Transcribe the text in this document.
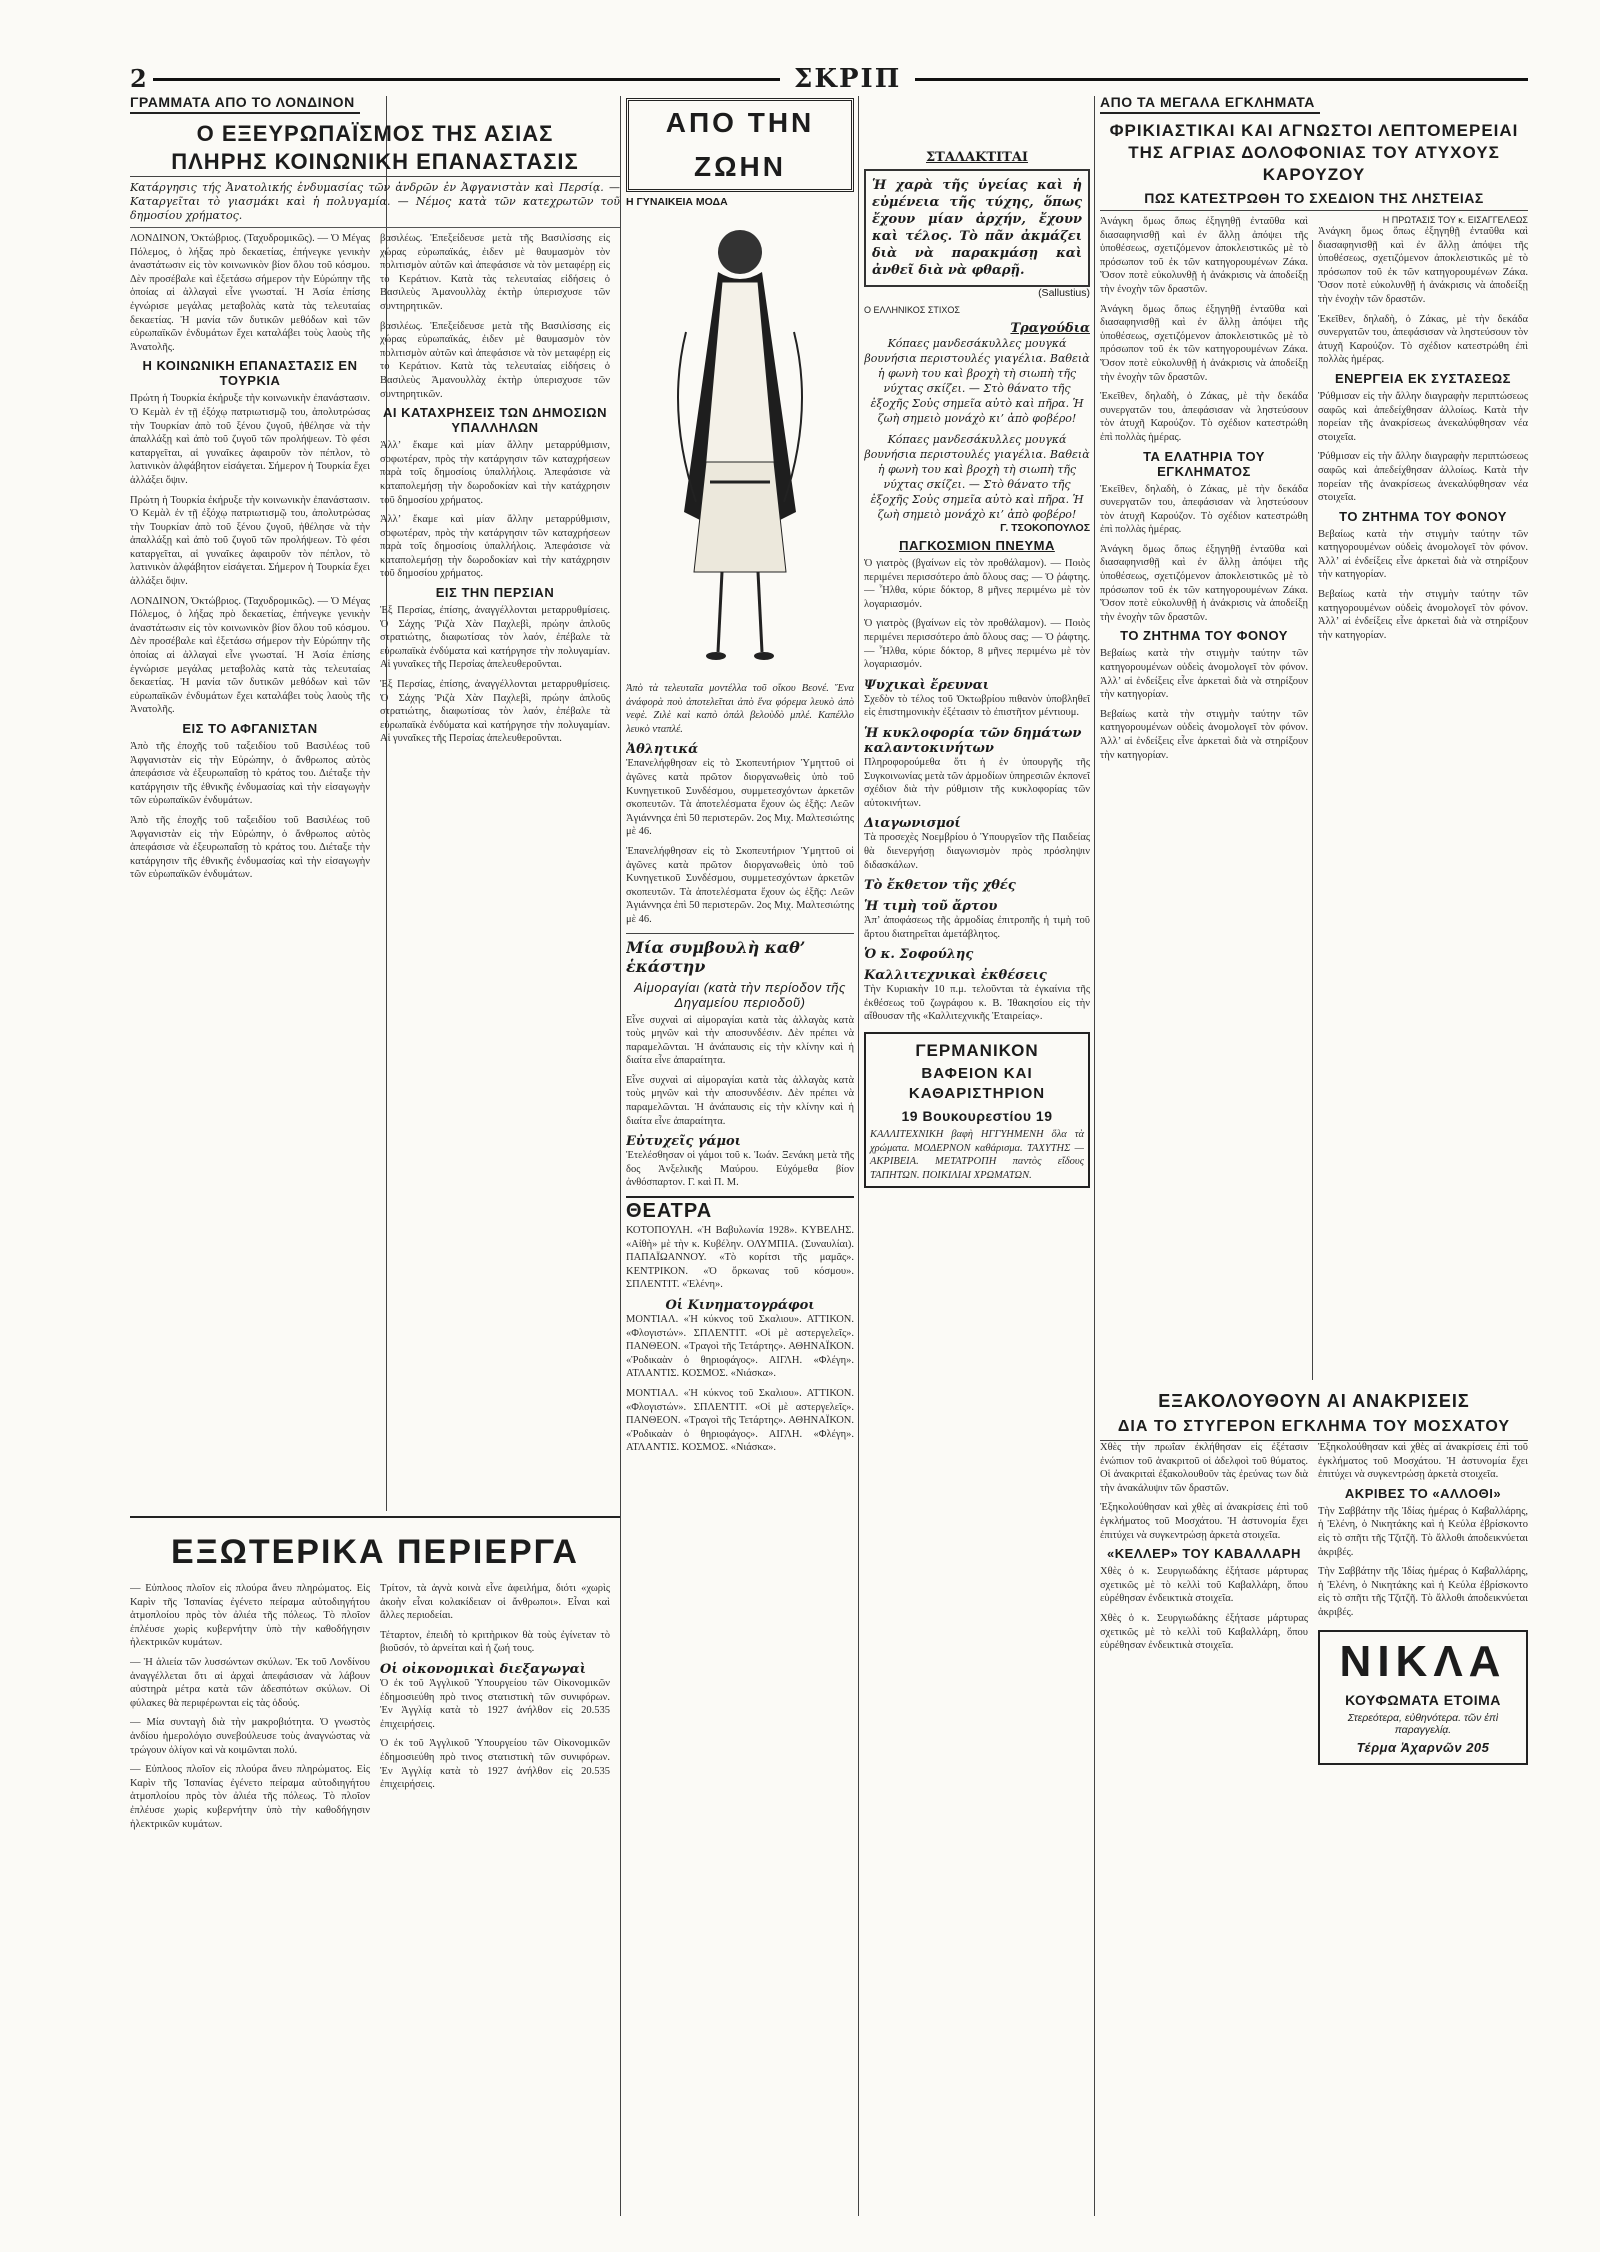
2	ΣΚΡΙΠ
ΓΡΑΜΜΑΤΑ ΑΠΟ ΤΟ ΛΟΝΔΙΝΟΝ
Ο ΕΞΕΥΡΩΠΑΪΣΜΟΣ ΤΗΣ ΑΣΙΑΣ
ΠΛΗΡΗΣ ΚΟΙΝΩΝΙΚΗ ΕΠΑΝΑΣΤΑΣΙΣ
Κατάργησις τής Ἀνατολικής ἐνδυμασίας τῶν ἀνδρῶν ἐν Ἀφγανιστὰν καὶ Περσίᾳ. — Καταργεῖται τὸ γιασμάκι καὶ ἡ πολυγαμία. — Νέμος κατὰ τῶν κατεχρωτῶν τοῦ δημοσίου χρήματος.
ΛΟΝΔΙΝΟΝ, Ὀκτώβριος. (Ταχυδρομικῶς). — Ὁ Μέγας Πόλεμος, ὁ λήξας πρὸ δεκαετίας, ἐπήνεγκε γενικὴν ἀναστάτωσιν εἰς τὸν κοινωνικὸν βίον ὅλου τοῦ κόσμου. Δὲν προσέβαλε καὶ ἐξετάσω σήμερον τὴν Εὐρώπην τῆς ὁποίας αἱ ἀλλαγαὶ εἶνε γνωσταί. Ἡ Ἀσία ἐπίσης ἐγνώρισε μεγάλας μεταβολὰς κατὰ τὰς τελευταίας δεκαετίας. Ἡ μανία τῶν δυτικῶν μεθόδων καὶ τῶν εὐρωπαϊκῶν ἐνδυμάτων ἔχει καταλάβει τοὺς λαοὺς τῆς Ἀνατολῆς.
Η ΚΟΙΝΩΝΙΚΗ ΕΠΑΝΑΣΤΑΣΙΣ ΕΝ ΤΟΥΡΚΙΑ
Πρώτη ἡ Τουρκία ἐκήρυξε τὴν κοινωνικὴν ἐπανάστασιν. Ὁ Κεμὰλ ἐν τῇ ἐξόχῳ πατριωτισμῷ του, ἀπολυτρώσας τὴν Τουρκίαν ἀπὸ τοῦ ξένου ζυγοῦ, ἠθέλησε νὰ τὴν ἀπαλλάξῃ καὶ ἀπὸ τοῦ ζυγοῦ τῶν προλήψεων. Τὸ φέσι καταργεῖται, αἱ γυναῖκες ἀφαιροῦν τὸν πέπλον, τὸ λατινικὸν ἀλφάβητον εἰσάγεται. Σήμερον ἡ Τουρκία ἔχει ἀλλάξει ὅψιν.
Πρώτη ἡ Τουρκία ἐκήρυξε τὴν κοινωνικὴν ἐπανάστασιν. Ὁ Κεμὰλ ἐν τῇ ἐξόχῳ πατριωτισμῷ του, ἀπολυτρώσας τὴν Τουρκίαν ἀπὸ τοῦ ξένου ζυγοῦ, ἠθέλησε νὰ τὴν ἀπαλλάξῃ καὶ ἀπὸ τοῦ ζυγοῦ τῶν προλήψεων. Τὸ φέσι καταργεῖται, αἱ γυναῖκες ἀφαιροῦν τὸν πέπλον, τὸ λατινικὸν ἀλφάβητον εἰσάγεται. Σήμερον ἡ Τουρκία ἔχει ἀλλάξει ὅψιν.
ΛΟΝΔΙΝΟΝ, Ὀκτώβριος. (Ταχυδρομικῶς). — Ὁ Μέγας Πόλεμος, ὁ λήξας πρὸ δεκαετίας, ἐπήνεγκε γενικὴν ἀναστάτωσιν εἰς τὸν κοινωνικὸν βίον ὅλου τοῦ κόσμου. Δὲν προσέβαλε καὶ ἐξετάσω σήμερον τὴν Εὐρώπην τῆς ὁποίας αἱ ἀλλαγαὶ εἶνε γνωσταί. Ἡ Ἀσία ἐπίσης ἐγνώρισε μεγάλας μεταβολὰς κατὰ τὰς τελευταίας δεκαετίας. Ἡ μανία τῶν δυτικῶν μεθόδων καὶ τῶν εὐρωπαϊκῶν ἐνδυμάτων ἔχει καταλάβει τοὺς λαοὺς τῆς Ἀνατολῆς.
ΕΙΣ ΤΟ ΑΦΓΑΝΙΣΤΑΝ
Ἀπὸ τῆς ἐποχῆς τοῦ ταξειδίου τοῦ Βασιλέως τοῦ Ἀφγανιστὰν εἰς τὴν Εὐρώπην, ὁ ἄνθρωπος αὐτὸς ἀπεφάσισε νὰ ἐξευρωπαΐσῃ τὸ κράτος του. Διέταξε τὴν κατάργησιν τῆς ἐθνικῆς ἐνδυμασίας καὶ τὴν εἰσαγωγὴν τῶν εὐρωπαϊκῶν ἐνδυμάτων.
Ἀπὸ τῆς ἐποχῆς τοῦ ταξειδίου τοῦ Βασιλέως τοῦ Ἀφγανιστὰν εἰς τὴν Εὐρώπην, ὁ ἄνθρωπος αὐτὸς ἀπεφάσισε νὰ ἐξευρωπαΐσῃ τὸ κράτος του. Διέταξε τὴν κατάργησιν τῆς ἐθνικῆς ἐνδυμασίας καὶ τὴν εἰσαγωγὴν τῶν εὐρωπαϊκῶν ἐνδυμάτων.
βασιλέως. Ἐπεξείδευσε μετὰ τῆς Βασιλίσσης εἰς χώρας εὐρωπαϊκάς, ἐιδεν μὲ θαυμασμὸν τὸν πολιτισμὸν αὐτῶν καὶ ἀπεφάσισε νὰ τὸν μεταφέρῃ εἰς τὸ Κεράτιον. Κατὰ τὰς τελευταίας εἰδήσεις ὁ Βασιλεὺς Ἀμανουλλὰχ ἐκτὴρ ὑπερισχυσε τῶν συντηρητικῶν.
βασιλέως. Ἐπεξείδευσε μετὰ τῆς Βασιλίσσης εἰς χώρας εὐρωπαϊκάς, ἐιδεν μὲ θαυμασμὸν τὸν πολιτισμὸν αὐτῶν καὶ ἀπεφάσισε νὰ τὸν μεταφέρῃ εἰς τὸ Κεράτιον. Κατὰ τὰς τελευταίας εἰδήσεις ὁ Βασιλεὺς Ἀμανουλλὰχ ἐκτὴρ ὑπερισχυσε τῶν συντηρητικῶν.
ΑΙ ΚΑΤΑΧΡΗΣΕΙΣ ΤΩΝ ΔΗΜΟΣΙΩΝ ΥΠΑΛΛΗΛΩΝ
Ἀλλ’ ἔκαμε καὶ μίαν ἄλλην μεταρρύθμισιν, σοφωτέραν, πρὸς τὴν κατάργησιν τῶν καταχρήσεων παρὰ τοῖς δημοσίοις ὑπαλλήλοις. Ἀπεφάσισε νὰ καταπολεμήσῃ τὴν δωροδοκίαν καὶ τὴν κατάχρησιν τοῦ δημοσίου χρήματος.
Ἀλλ’ ἔκαμε καὶ μίαν ἄλλην μεταρρύθμισιν, σοφωτέραν, πρὸς τὴν κατάργησιν τῶν καταχρήσεων παρὰ τοῖς δημοσίοις ὑπαλλήλοις. Ἀπεφάσισε νὰ καταπολεμήσῃ τὴν δωροδοκίαν καὶ τὴν κατάχρησιν τοῦ δημοσίου χρήματος.
ΕΙΣ ΤΗΝ ΠΕΡΣΙΑΝ
Ἐξ Περσίας, ἐπίσης, ἀναγγέλλονται μεταρρυθμίσεις. Ὁ Σάχης Ῥιζὰ Χὰν Παχλεβὶ, πρώην ἁπλοῦς στρατιώτης, διαφωτίσας τὸν λαόν, ἐπέβαλε τὰ εὐρωπαϊκὰ ἐνδύματα καὶ κατήργησε τὴν πολυγαμίαν. Αἱ γυναῖκες τῆς Περσίας ἀπελευθεροῦνται.
Ἐξ Περσίας, ἐπίσης, ἀναγγέλλονται μεταρρυθμίσεις. Ὁ Σάχης Ῥιζὰ Χὰν Παχλεβὶ, πρώην ἁπλοῦς στρατιώτης, διαφωτίσας τὸν λαόν, ἐπέβαλε τὰ εὐρωπαϊκὰ ἐνδύματα καὶ κατήργησε τὴν πολυγαμίαν. Αἱ γυναῖκες τῆς Περσίας ἀπελευθεροῦνται.
ΕΞΩΤΕΡΙΚΑ ΠΕΡΙΕΡΓΑ
— Εὐπλοος πλοῖον εἰς πλούρα ἄνευ πληρώματος. Εἰς Καρὶν τῆς Ἰσπανίας ἐγένετο πείραμα αὐτοδιηγήτου ἀτμοπλοίου πρὸς τὸν ἀλιέα τῆς πόλεως. Τὸ πλοῖον ἐπλέυσε χωρὶς κυβερνήτην ὑπὸ τὴν καθοδήγησιν ἠλεκτρικῶν κυμάτων.
— Ἡ ἁλιεία τῶν λυσσώντων σκύλων. Ἐκ τοῦ Λονδίνου ἀναγγέλλεται ὅτι αἱ ἀρχαὶ ἀπεφάσισαν νὰ λάβουν αὐστηρὰ μέτρα κατὰ τῶν ἀδεσπότων σκύλων. Οἱ φύλακες θὰ περιφέρωνται εἰς τὰς ὁδούς.
— Μία συνταγὴ διὰ τὴν μακροβιότητα. Ὁ γνωστὸς ἀνδίου ἡμερολόγιο συνεβούλευσε τοὺς ἀναγνώστας νὰ τρώγουν ὀλίγον καὶ νὰ κοιμῶνται πολύ.
— Εὐπλοος πλοῖον εἰς πλούρα ἄνευ πληρώματος. Εἰς Καρὶν τῆς Ἰσπανίας ἐγένετο πείραμα αὐτοδιηγήτου ἀτμοπλοίου πρὸς τὸν ἀλιέα τῆς πόλεως. Τὸ πλοῖον ἐπλέυσε χωρὶς κυβερνήτην ὑπὸ τὴν καθοδήγησιν ἠλεκτρικῶν κυμάτων.
Τρίτον, τὰ ἀγνὰ κοινὰ εἶνε ἀφειλήμα, διότι «χωρὶς ἀκοὴν εἶναι κολακίδειαν οἱ ἄνθρωποι». Εἶναι καὶ ἄλλες περιοδείαι.
Τέταρτον, ἐπειδὴ τὸ κριτὴρικον θὰ τοὺς ἐγίνεταν τὸ βιοῦσόν, τὸ ἀρνείται καὶ ἡ ζωή τους.
Οἱ οἰκονομικαὶ διεξαγωγαὶ
Ὁ ἐκ τοῦ Ἀγγλικοῦ Ὑπουργείου τῶν Οἰκονομικῶν ἐδημοσιεύθη πρὸ τινος στατιστικὴ τῶν συνιφόρων. Ἐν Ἀγγλίᾳ κατὰ τὸ 1927 ἀνήλθον εἰς 20.535 ἐπιχειρήσεις.
Ὁ ἐκ τοῦ Ἀγγλικοῦ Ὑπουργείου τῶν Οἰκονομικῶν ἐδημοσιεύθη πρὸ τινος στατιστικὴ τῶν συνιφόρων. Ἐν Ἀγγλίᾳ κατὰ τὸ 1927 ἀνήλθον εἰς 20.535 ἐπιχειρήσεις.
ΑΠΟ ΤΗΝ ΖΩΗΝ
Η ΓΥΝΑΙΚΕΙΑ ΜΟΔΑ
Ἀπὸ τὰ τελευταῖα μοντέλλα τοῦ οἴκου Βεονέ. Ἕνα ἀνάφορὰ ποὺ ἀποτελεῖται ἀπὸ ἕνα φόρεμα λευκὸ ἀπὸ νεφὲ. Ζιλὲ καὶ καπὸ ὀπάλ βελοὺδὸ μπλέ. Καπέλλο λευκὸ νταπλέ.
Ἀθλητικά
Ἐπανελήφθησαν εἰς τὸ Σκοπευτήριον Ὑμηττοῦ οἱ ἀγῶνες κατὰ πρῶτον διοργανωθεὶς ὑπὸ τοῦ Κυνηγετικοῦ Συνδέσμου, συμμετεσχόντων ἀρκετῶν σκοπευτῶν. Τὰ ἀποτελέσματα ἔχουν ὡς ἑξῆς: Λεῶν Ἀγιάννηςα ἐπὶ 50 περιστερῶν. 2ος Μιχ. Μαλτεσιώτης μὲ 46.
Ἐπανελήφθησαν εἰς τὸ Σκοπευτήριον Ὑμηττοῦ οἱ ἀγῶνες κατὰ πρῶτον διοργανωθεὶς ὑπὸ τοῦ Κυνηγετικοῦ Συνδέσμου, συμμετεσχόντων ἀρκετῶν σκοπευτῶν. Τὰ ἀποτελέσματα ἔχουν ὡς ἑξῆς: Λεῶν Ἀγιάννηςα ἐπὶ 50 περιστερῶν. 2ος Μιχ. Μαλτεσιώτης μὲ 46.
Μία συμβουλὴ καθ’ ἑκάστην
Αἱμοραγίαι (κατὰ τὴν περίοδον τῆς Δηγαμείου περιοδοῦ)
Εἶνε συχναὶ αἱ αἱμοραγίαι κατὰ τὰς ἀλλαγὰς κατὰ τοὺς μηνῶν καὶ τὴν αποσυνδέσιν. Δὲν πρέπει νὰ παραμελῶνται. Ἡ ἀνάπαυσις εἰς τὴν κλίνην καὶ ἡ διαίτα εἶνε ἀπαραίτητα.
Εἶνε συχναὶ αἱ αἱμοραγίαι κατὰ τὰς ἀλλαγὰς κατὰ τοὺς μηνῶν καὶ τὴν αποσυνδέσιν. Δὲν πρέπει νὰ παραμελῶνται. Ἡ ἀνάπαυσις εἰς τὴν κλίνην καὶ ἡ διαίτα εἶνε ἀπαραίτητα.
Εὐτυχεῖς γάμοι
Ἐτελέσθησαν οἱ γάμοι τοῦ κ. Ἰωάν. Ξενάκη μετὰ τῆς δος Ἀνξελικῆς Μαύρου. Εὐχόμεθα βίον ἀνθόσπαρτον. Γ. καὶ Π. Μ.
ΘΕΑΤΡΑ
ΚΟΤΟΠΟΥΛΗ. «Ἡ Βαβυλωνία 1928». ΚΥΒΕΛΗΣ. «Αἰθὴ» μὲ τὴν κ. Κυβέλην. ΟΛΥΜΠΙΑ. (Συναυλίαι). ΠΑΠΑΪΩΑΝΝΟΥ. «Τὸ κορίτσι τῆς μαμᾶς». ΚΕΝΤΡΙΚΟΝ. «Ὁ ὄρκωνας τοῦ κόσμου». ΣΠΛΕΝΤΙΤ. «Ἐλένη».
Οἱ Κινηματογράφοι
ΜΟΝΤΙΑΛ. «Ἡ κύκνος τοῦ Σκαλιου». ΑΤΤΙΚΟΝ. «Φλογιστών». ΣΠΛΕΝΤΙΤ. «Οἱ μὲ αστεργελεῖς». ΠΑΝΘΕΟΝ. «Τραγοὶ τῆς Τετάρτης». ΑΘΗΝΑΪΚΟΝ. «Ῥοδικαὰν ὁ θηριοφάγος». ΑΙΓΛΗ. «Φλέγη». ΑΤΛΑΝΤΙΣ. ΚΟΣΜΟΣ. «Νιάσκα».
ΜΟΝΤΙΑΛ. «Ἡ κύκνος τοῦ Σκαλιου». ΑΤΤΙΚΟΝ. «Φλογιστών». ΣΠΛΕΝΤΙΤ. «Οἱ μὲ αστεργελεῖς». ΠΑΝΘΕΟΝ. «Τραγοὶ τῆς Τετάρτης». ΑΘΗΝΑΪΚΟΝ. «Ῥοδικαὰν ὁ θηριοφάγος». ΑΙΓΛΗ. «Φλέγη». ΑΤΛΑΝΤΙΣ. ΚΟΣΜΟΣ. «Νιάσκα».
ΣΤΑΛΑΚΤΙΤΑΙ
Ἡ χαρὰ τῆς ὑγείας καὶ ἡ εὐμένεια τῆς τύχης, ὅπως ἔχουν μίαν ἀρχήν, ἔχουν καὶ τέλος. Τὸ πᾶν ἀκμάζει διὰ νὰ παρακμάσῃ καὶ ἀνθεῖ διὰ νὰ φθαρῇ.
(Sallustius)
Ο ΕΛΛΗΝΙΚΟΣ ΣΤΙΧΟΣ
Τραγούδια
Κόπαες μανδεσάκυλλες μουγκά βουνήσια περιστουλές γιαγέλια. Βαθειὰ ἡ φωνὴ του καὶ βροχὴ τὴ σιωπὴ τῆς νύχτας σκίζει. — Στὸ θάνατο τῆς ἐξοχῆς Σοὐς σημεῖα αὐτὸ καὶ πῆρα. Ἡ ζωὴ σημειὸ μονάχὸ κι’ ἀπὸ φοβέρο!
Κόπαες μανδεσάκυλλες μουγκά βουνήσια περιστουλές γιαγέλια. Βαθειὰ ἡ φωνὴ του καὶ βροχὴ τὴ σιωπὴ τῆς νύχτας σκίζει. — Στὸ θάνατο τῆς ἐξοχῆς Σοὐς σημεῖα αὐτὸ καὶ πῆρα. Ἡ ζωὴ σημειὸ μονάχὸ κι’ ἀπὸ φοβέρο!
Γ. ΤΣΟΚΟΠΟΥΛΟΣ
ΠΑΓΚΟΣΜΙΟΝ ΠΝΕΥΜΑ
Ὁ γιατρὸς (βγαίνων εἰς τὸν προθάλαμον). — Ποιὸς περιμένει περισσότερο ἀπὸ ὅλους σας; — Ὁ ῥάφτης. — Ἦλθα, κύριε δόκτορ, 8 μῆνες περιμένω μὲ τὸν λογαριασμόν.
Ὁ γιατρὸς (βγαίνων εἰς τὸν προθάλαμον). — Ποιὸς περιμένει περισσότερο ἀπὸ ὅλους σας; — Ὁ ῥάφτης. — Ἦλθα, κύριε δόκτορ, 8 μῆνες περιμένω μὲ τὸν λογαριασμόν.
Ψυχικαὶ ἔρευναι
Σχεδὸν τὸ τέλος τοῦ Ὀκτωβρίου πιθανὸν ὑποβληθεῖ εἰς ἐπιστημονικὴν ἐξέτασιν τὸ ἐπιστῆτον μέντιουμ.
Ἡ κυκλοφορία τῶν δημάτων καλαντοκινήτων
Πληροφορούμεθα ὅτι ἡ ἐν ὑπουργῆς τῆς Συγκοινωνίας μετὰ τῶν ἀρμοδίων ὑπηρεσιῶν ἐκπονεῖ σχέδιον διὰ τὴν ρύθμισιν τῆς κυκλοφορίας τῶν αὐτοκινήτων.
Διαγωνισμοί
Τὰ προσεχὲς Νοεμβρίου ὁ Ὑπουργεῖον τῆς Παιδείας θὰ διενεργήσῃ διαγωνισμὸν πρὸς πρόσληψιν διδασκάλων.
Τὸ ἔκθετον τῆς χθές
Ἡ τιμὴ τοῦ ἄρτου
Ἀπ’ ἀποφάσεως τῆς ἀρμοδίας ἐπιτροπῆς ἡ τιμὴ τοῦ ἄρτου διατηρεῖται ἀμετάβλητος.
Ὁ κ. Σοφούλης
Καλλιτεχνικαὶ ἐκθέσεις
Τὴν Κυριακὴν 10 π.μ. τελοῦνται τὰ ἐγκαίνια τῆς ἐκθέσεως τοῦ ζωγράφου κ. Β. Ἰθακησίου εἰς τὴν αἴθουσαν τῆς «Καλλιτεχνικῆς Ἑταιρείας».
ΓΕΡΜΑΝΙΚΟΝ
ΒΑΦΕΙΟΝ ΚΑΙ ΚΑΘΑΡΙΣΤΗΡΙΟΝ
19 Βουκουρεστίου 19
ΚΑΛΛΙΤΕΧΝΙΚΗ βαφὴ ΗΓΓΥΗΜΕΝΗ ὅλα τὰ χρώματα. ΜΟΔΕΡΝΟΝ καθάρισμα. ΤΑΧΥΤΗΣ — ΑΚΡΙΒΕΙΑ. ΜΕΤΑΤΡΟΠΗ παντὸς εἴδους ΤΑΠΗΤΩΝ. ΠΟΙΚΙΛΙΑΙ ΧΡΩΜΑΤΩΝ.
ΑΠΟ ΤΑ ΜΕΓΑΛΑ ΕΓΚΛΗΜΑΤΑ
ΦΡΙΚΙΑΣΤΙΚΑΙ ΚΑΙ ΑΓΝΩΣΤΟΙ ΛΕΠΤΟΜΕΡΕΙΑΙ ΤΗΣ ΑΓΡΙΑΣ ΔΟΛΟΦΟΝΙΑΣ ΤΟΥ ΑΤΥΧΟΥΣ ΚΑΡΟΥΖΟΥ
ΠΩΣ ΚΑΤΕΣΤΡΩΘΗ ΤΟ ΣΧΕΔΙΟΝ ΤΗΣ ΛΗΣΤΕΙΑΣ
Ἀνάγκη ὅμως ὅπως ἐξηγηθῇ ἐνταῦθα καὶ διασαφηνισθῇ καὶ ἐν ἄλλῃ ἀπόψει τῆς ὑποθέσεως, σχετιζόμενον ἀποκλειστικῶς μὲ τὸ πρόσωπον τοῦ ἐκ τῶν κατηγορουμένων Ζάκα. Ὅσον ποτὲ εὐκολυνθῇ ἡ ἀνάκρισις νὰ ἀποδείξῃ τὴν ἐνοχὴν τῶν δραστῶν.
Ἀνάγκη ὅμως ὅπως ἐξηγηθῇ ἐνταῦθα καὶ διασαφηνισθῇ καὶ ἐν ἄλλῃ ἀπόψει τῆς ὑποθέσεως, σχετιζόμενον ἀποκλειστικῶς μὲ τὸ πρόσωπον τοῦ ἐκ τῶν κατηγορουμένων Ζάκα. Ὅσον ποτὲ εὐκολυνθῇ ἡ ἀνάκρισις νὰ ἀποδείξῃ τὴν ἐνοχὴν τῶν δραστῶν.
Ἐκεῖθεν, δηλαδὴ, ὁ Ζάκας, μὲ τὴν δεκάδα συνεργατῶν του, ἀπεφάσισαν νὰ ληστεύσουν τὸν ἀτυχῆ Καρούζον. Τὸ σχέδιον κατεστρώθη ἐπὶ πολλὰς ἡμέρας.
ΤΑ ΕΛΑΤΗΡΙΑ ΤΟΥ ΕΓΚΛΗΜΑΤΟΣ
Ἐκεῖθεν, δηλαδὴ, ὁ Ζάκας, μὲ τὴν δεκάδα συνεργατῶν του, ἀπεφάσισαν νὰ ληστεύσουν τὸν ἀτυχῆ Καρούζον. Τὸ σχέδιον κατεστρώθη ἐπὶ πολλὰς ἡμέρας.
Ἀνάγκη ὅμως ὅπως ἐξηγηθῇ ἐνταῦθα καὶ διασαφηνισθῇ καὶ ἐν ἄλλῃ ἀπόψει τῆς ὑποθέσεως, σχετιζόμενον ἀποκλειστικῶς μὲ τὸ πρόσωπον τοῦ ἐκ τῶν κατηγορουμένων Ζάκα. Ὅσον ποτὲ εὐκολυνθῇ ἡ ἀνάκρισις νὰ ἀποδείξῃ τὴν ἐνοχὴν τῶν δραστῶν.
ΤΟ ΖΗΤΗΜΑ ΤΟΥ ΦΟΝΟΥ
Βεβαίως κατὰ τὴν στιγμὴν ταύτην τῶν κατηγορουμένων οὐδεὶς ἀνομολογεῖ τὸν φόνον. Ἀλλ’ αἱ ἐνδείξεις εἶνε ἀρκεταὶ διὰ νὰ στηρίξουν τὴν κατηγορίαν.
Βεβαίως κατὰ τὴν στιγμὴν ταύτην τῶν κατηγορουμένων οὐδεὶς ἀνομολογεῖ τὸν φόνον. Ἀλλ’ αἱ ἐνδείξεις εἶνε ἀρκεταὶ διὰ νὰ στηρίξουν τὴν κατηγορίαν.
Η ΠΡΩΤΑΣΙΣ ΤΟΥ κ. ΕΙΣΑΓΓΕΛΕΩΣ
Ἀνάγκη ὅμως ὅπως ἐξηγηθῇ ἐνταῦθα καὶ διασαφηνισθῇ καὶ ἐν ἄλλῃ ἀπόψει τῆς ὑποθέσεως, σχετιζόμενον ἀποκλειστικῶς μὲ τὸ πρόσωπον τοῦ ἐκ τῶν κατηγορουμένων Ζάκα. Ὅσον ποτὲ εὐκολυνθῇ ἡ ἀνάκρισις νὰ ἀποδείξῃ τὴν ἐνοχὴν τῶν δραστῶν.
Ἐκεῖθεν, δηλαδὴ, ὁ Ζάκας, μὲ τὴν δεκάδα συνεργατῶν του, ἀπεφάσισαν νὰ ληστεύσουν τὸν ἀτυχῆ Καρούζον. Τὸ σχέδιον κατεστρώθη ἐπὶ πολλὰς ἡμέρας.
ΕΝΕΡΓΕΙΑ ΕΚ ΣΥΣΤΑΣΕΩΣ
Ῥύθμισαν εἰς τὴν ἄλλην διαγραφὴν περιπτώσεως σαφῶς καὶ ἀπεδείχθησαν ἀλλοίως. Κατὰ τὴν πορείαν τῆς ἀνακρίσεως ἀνεκαλύφθησαν νέα στοιχεῖα.
Ῥύθμισαν εἰς τὴν ἄλλην διαγραφὴν περιπτώσεως σαφῶς καὶ ἀπεδείχθησαν ἀλλοίως. Κατὰ τὴν πορείαν τῆς ἀνακρίσεως ἀνεκαλύφθησαν νέα στοιχεῖα.
ΤΟ ΖΗΤΗΜΑ ΤΟΥ ΦΟΝΟΥ
Βεβαίως κατὰ τὴν στιγμὴν ταύτην τῶν κατηγορουμένων οὐδεὶς ἀνομολογεῖ τὸν φόνον. Ἀλλ’ αἱ ἐνδείξεις εἶνε ἀρκεταὶ διὰ νὰ στηρίξουν τὴν κατηγορίαν.
Βεβαίως κατὰ τὴν στιγμὴν ταύτην τῶν κατηγορουμένων οὐδεὶς ἀνομολογεῖ τὸν φόνον. Ἀλλ’ αἱ ἐνδείξεις εἶνε ἀρκεταὶ διὰ νὰ στηρίξουν τὴν κατηγορίαν.
ΕΞΑΚΟΛΟΥΘΟΥΝ ΑΙ ΑΝΑΚΡΙΣΕΙΣ
ΔΙΑ ΤΟ ΣΤΥΓΕΡΟΝ ΕΓΚΛΗΜΑ ΤΟΥ ΜΟΣΧΑΤΟΥ
Χθὲς τὴν πρωΐαν ἐκλήθησαν εἰς ἐξέτασιν ἐνώπιον τοῦ ἀνακριτοῦ οἱ ἀδελφοὶ τοῦ θύματος. Οἱ ἀνακριταὶ ἐξακολουθοῦν τὰς ἐρεύνας των διὰ τὴν ἀνακάλυψιν τῶν δραστῶν.
Ἐξηκολούθησαν καὶ χθὲς αἱ ἀνακρίσεις ἐπὶ τοῦ ἐγκλήματος τοῦ Μοσχάτου. Ἡ ἀστυνομία ἔχει ἐπιτύχει νὰ συγκεντρώσῃ ἀρκετὰ στοιχεῖα.
«ΚΕΛΛΕΡ» ΤΟΥ ΚΑΒΑΛΛΑΡΗ
Χθὲς ὁ κ. Σευργιωδάκης ἐξήτασε μάρτυρας σχετικῶς μὲ τὸ κελλὶ τοῦ Καβαλλάρη, ὅπου εὑρέθησαν ἐνδεικτικὰ στοιχεῖα.
Χθὲς ὁ κ. Σευργιωδάκης ἐξήτασε μάρτυρας σχετικῶς μὲ τὸ κελλὶ τοῦ Καβαλλάρη, ὅπου εὑρέθησαν ἐνδεικτικὰ στοιχεῖα.
Ἐξηκολούθησαν καὶ χθὲς αἱ ἀνακρίσεις ἐπὶ τοῦ ἐγκλήματος τοῦ Μοσχάτου. Ἡ ἀστυνομία ἔχει ἐπιτύχει νὰ συγκεντρώσῃ ἀρκετὰ στοιχεῖα.
ΑΚΡΙΒΕΣ ΤΟ «ΑΛΛΟΘΙ»
Τὴν Σαββάτην τῆς Ἰδίας ἡμέρας ὁ Καβαλλάρης, ἡ Ἐλένη, ὁ Νικητάκης καὶ ἡ Κεύλα ἐβρίσκοντο εἰς τὸ σπῆτι τῆς Τζιτζῆ. Τὸ ἄλλοθι ἀποδεικνύεται ἀκριβές.
Τὴν Σαββάτην τῆς Ἰδίας ἡμέρας ὁ Καβαλλάρης, ἡ Ἐλένη, ὁ Νικητάκης καὶ ἡ Κεύλα ἐβρίσκοντο εἰς τὸ σπῆτι τῆς Τζιτζῆ. Τὸ ἄλλοθι ἀποδεικνύεται ἀκριβές.
ΝΙΚΛΑ
ΚΟΥΦΩΜΑΤΑ ΕΤΟΙΜΑ
Στερεότερα, εὐθηνότερα. τῶν ἐπὶ παραγγελίᾳ.
Τέρμα Ἀχαρνῶν 205
